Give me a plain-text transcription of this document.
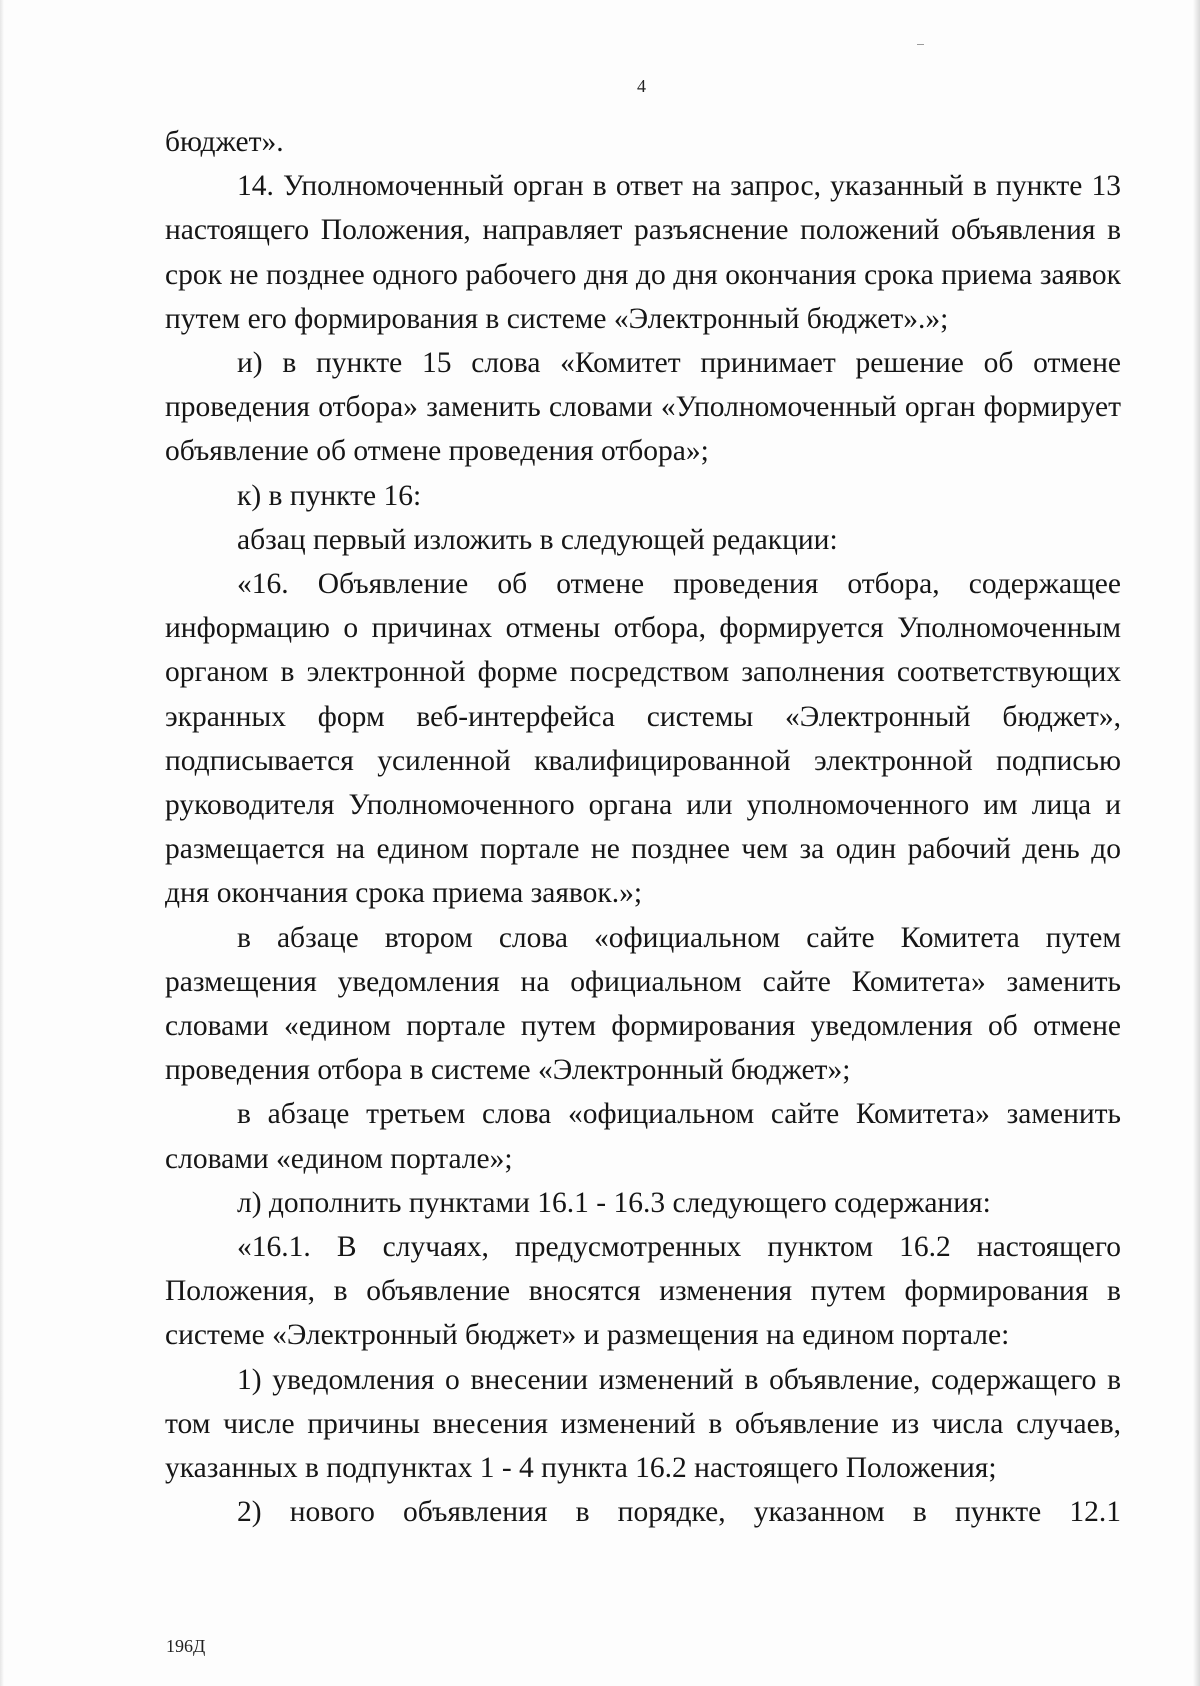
4

бюджет».

14. Уполномоченный орган в ответ на запрос, указанный в пункте 13 настоящего Положения, направляет разъяснение положений объявления в срок не позднее одного рабочего дня до дня окончания срока приема заявок путем его формирования в системе «Электронный бюджет».»;

и) в пункте 15 слова «Комитет принимает решение об отмене проведения отбора» заменить словами «Уполномоченный орган формирует объявление об отмене проведения отбора»;

к) в пункте 16:

абзац первый изложить в следующей редакции:

«16. Объявление об отмене проведения отбора, содержащее информацию о причинах отмены отбора, формируется Уполномоченным органом в электронной форме посредством заполнения соответствующих экранных форм веб-интерфейса системы «Электронный бюджет», подписывается усиленной квалифицированной электронной подписью руководителя Уполномоченного органа или уполномоченного им лица и размещается на едином портале не позднее чем за один рабочий день до дня окончания срока приема заявок.»;

в абзаце втором слова «официальном сайте Комитета путем размещения уведомления на официальном сайте Комитета» заменить словами «едином портале путем формирования уведомления об отмене проведения отбора в системе «Электронный бюджет»;

в абзаце третьем слова «официальном сайте Комитета» заменить словами «едином портале»;

л) дополнить пунктами 16.1 - 16.3 следующего содержания:

«16.1. В случаях, предусмотренных пунктом 16.2 настоящего Положения, в объявление вносятся изменения путем формирования в системе «Электронный бюджет» и размещения на едином портале:

1) уведомления о внесении изменений в объявление, содержащего в том числе причины внесения изменений в объявление из числа случаев, указанных в подпунктах 1 - 4 пункта 16.2 настоящего Положения;

2) нового объявления в порядке, указанном в пункте 12.1

196Д
